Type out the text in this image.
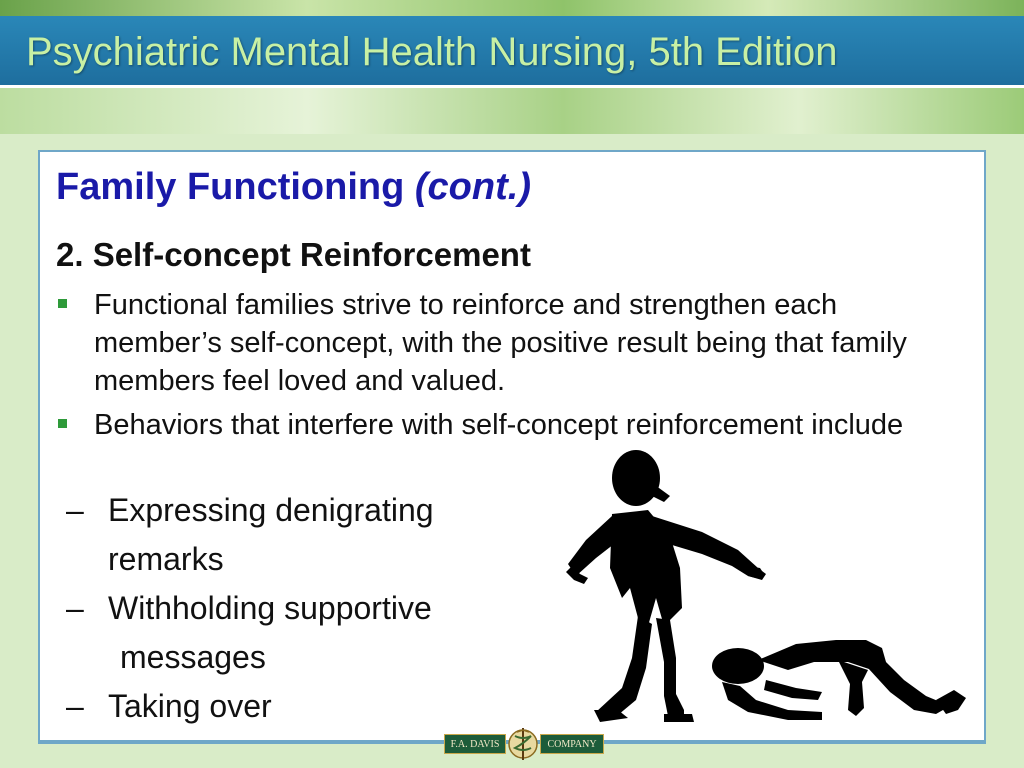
Psychiatric Mental Health Nursing, 5th Edition
Family Functioning (cont.)
2. Self-concept Reinforcement
Functional families strive to reinforce and strengthen each member’s self-concept, with the positive result being that family members feel loved and valued.
Behaviors that interfere with self-concept reinforcement include
– Expressing denigrating
remarks
– Withholding supportive
messages
– Taking over
F.A. DAVIS	COMPANY
